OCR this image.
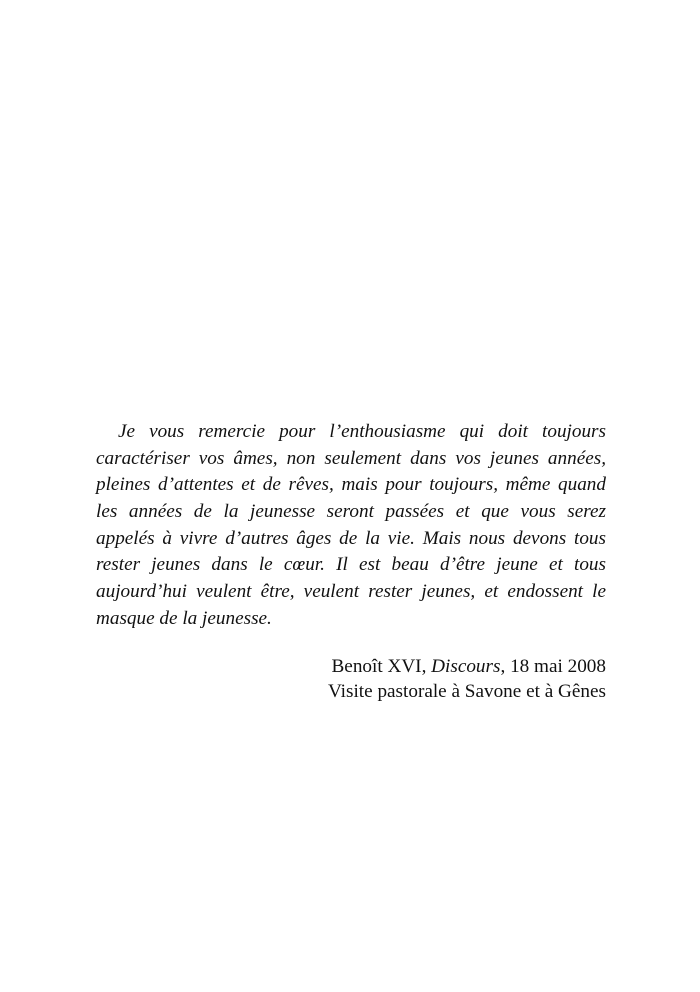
Je vous remercie pour l’enthousiasme qui doit toujours
caractériser vos âmes, non seulement dans vos jeunes années,
pleines d’attentes et de rêves, mais pour toujours, même quand
les années de la jeunesse seront passées et que vous serez
appelés à vivre d’autres âges de la vie. Mais nous devons tous
rester jeunes dans le cœur. Il est beau d’être jeune et tous
aujourd’hui veulent être, veulent rester jeunes, et endossent le
masque de la jeunesse.
Benoît XVI, Discours, 18 mai 2008
Visite pastorale à Savone et à Gênes
